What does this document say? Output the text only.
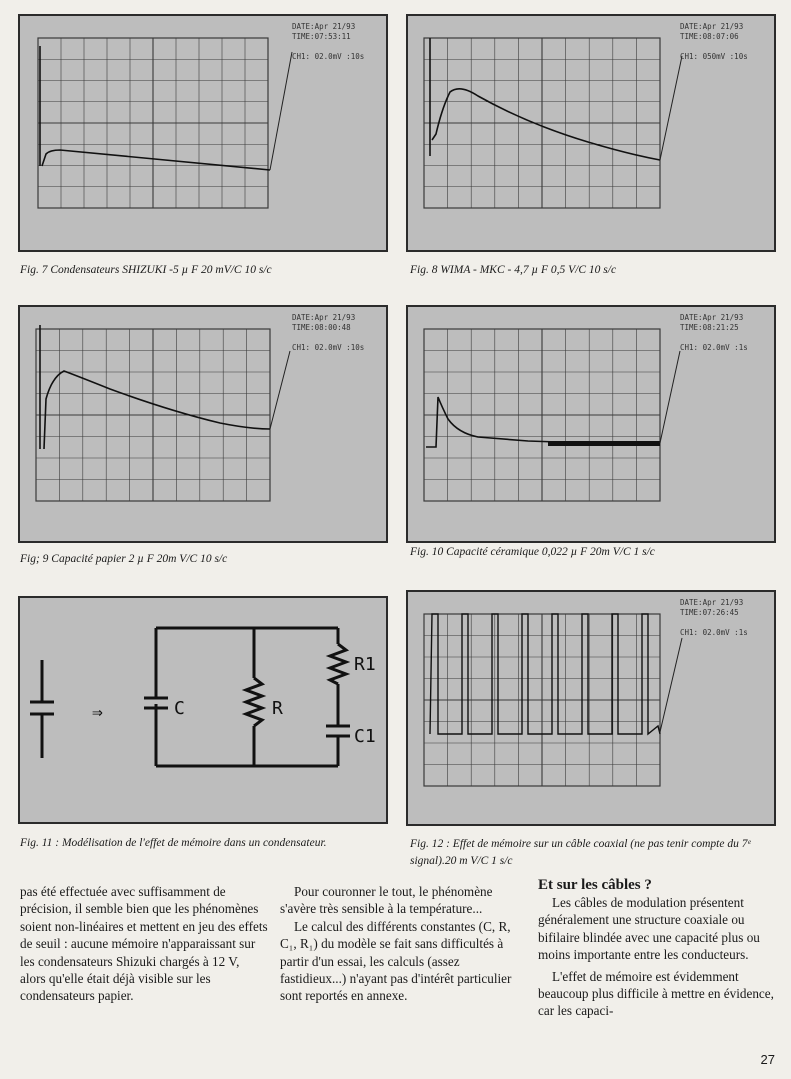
DATE:Apr 21/93
TIME:07:53:11

CH1: 02.0mV :10s
Fig. 7 Condensateurs SHIZUKI -5 µ F 20 mV/C 10 s/c
DATE:Apr 21/93
TIME:08:07:06

CH1: 050mV :10s
Fig. 8 WIMA - MKC - 4,7 µ F 0,5 V/C 10 s/c
DATE:Apr 21/93
TIME:08:00:48

CH1: 02.0mV :10s
Fig; 9 Capacité papier 2 µ F 20m V/C 10 s/c
DATE:Apr 21/93
TIME:08:21:25

CH1: 02.0mV :1s
Fig. 10 Capacité céramique 0,022 µ F 20m V/C 1 s/c
⇒	C	R
R1
C1
Fig. 11 : Modélisation de l'effet de mémoire dans un condensateur.
DATE:Apr 21/93
TIME:07:26:45

CH1: 02.0mV :1s
Fig. 12 : Effet de mémoire sur un câble coaxial (ne pas tenir compte du 7ᵉ signal).20 m V/C 1 s/c

pas été effectuée avec suffisamment de précision, il semble bien que les phénomènes soient non-linéaires et mettent en jeu des effets de seuil : aucune mémoire n'apparaissant sur les condensateurs Shizuki chargés à 12 V, alors qu'elle était déjà visible sur les condensateurs papier.

Pour couronner le tout, le phénomène s'avère très sensible à la température...

Le calcul des différents constantes (C, R, C₁, R₁) du modèle se fait sans difficultés à partir d'un essai, les calculs (assez fastidieux...) n'ayant pas d'intérêt particulier sont reportés en annexe.

Et sur les câbles ?

Les câbles de modulation présentent généralement une structure coaxiale ou bifilaire blindée avec une capacité plus ou moins importante entre les conducteurs.

L'effet de mémoire est évidemment beaucoup plus difficile à mettre en évidence, car les capaci-

27
